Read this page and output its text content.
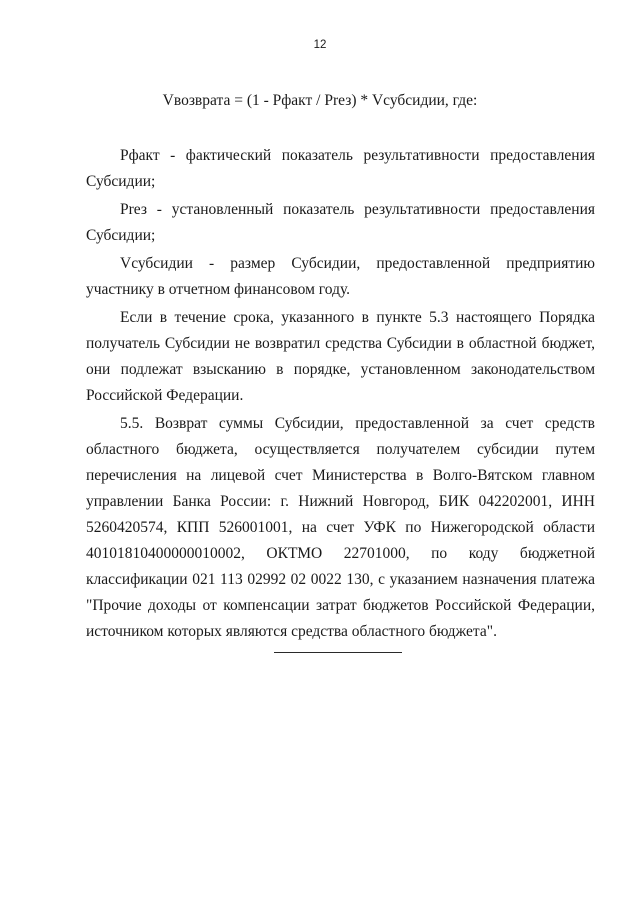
12
Vвозврата = (1 - Рфакт / Рrез) * Vсубсидии, где:

Рфакт - фактический показатель результативности предоставления Субсидии;

Рrез - установленный показатель результативности предоставления Субсидии;

Vсубсидии - размер Субсидии, предоставленной предприятию участнику в отчетном финансовом году.

Если в течение срока, указанного в пункте 5.3 настоящего Порядка получатель Субсидии не возвратил средства Субсидии в областной бюджет, они подлежат взысканию в порядке, установленном законодательством Российской Федерации.

5.5. Возврат суммы Субсидии, предоставленной за счет средств областного бюджета, осуществляется получателем субсидии путем перечисления на лицевой счет Министерства в Волго-Вятском главном управлении Банка России: г. Нижний Новгород, БИК 042202001, ИНН 5260420574, КПП 526001001, на счет УФК по Нижегородской области 40101810400000010002, ОКТМО 22701000, по коду бюджетной классификации 021 113 02992 02 0022 130, с указанием назначения платежа "Прочие доходы от компенсации затрат бюджетов Российской Федерации, источником которых являются средства областного бюджета".
